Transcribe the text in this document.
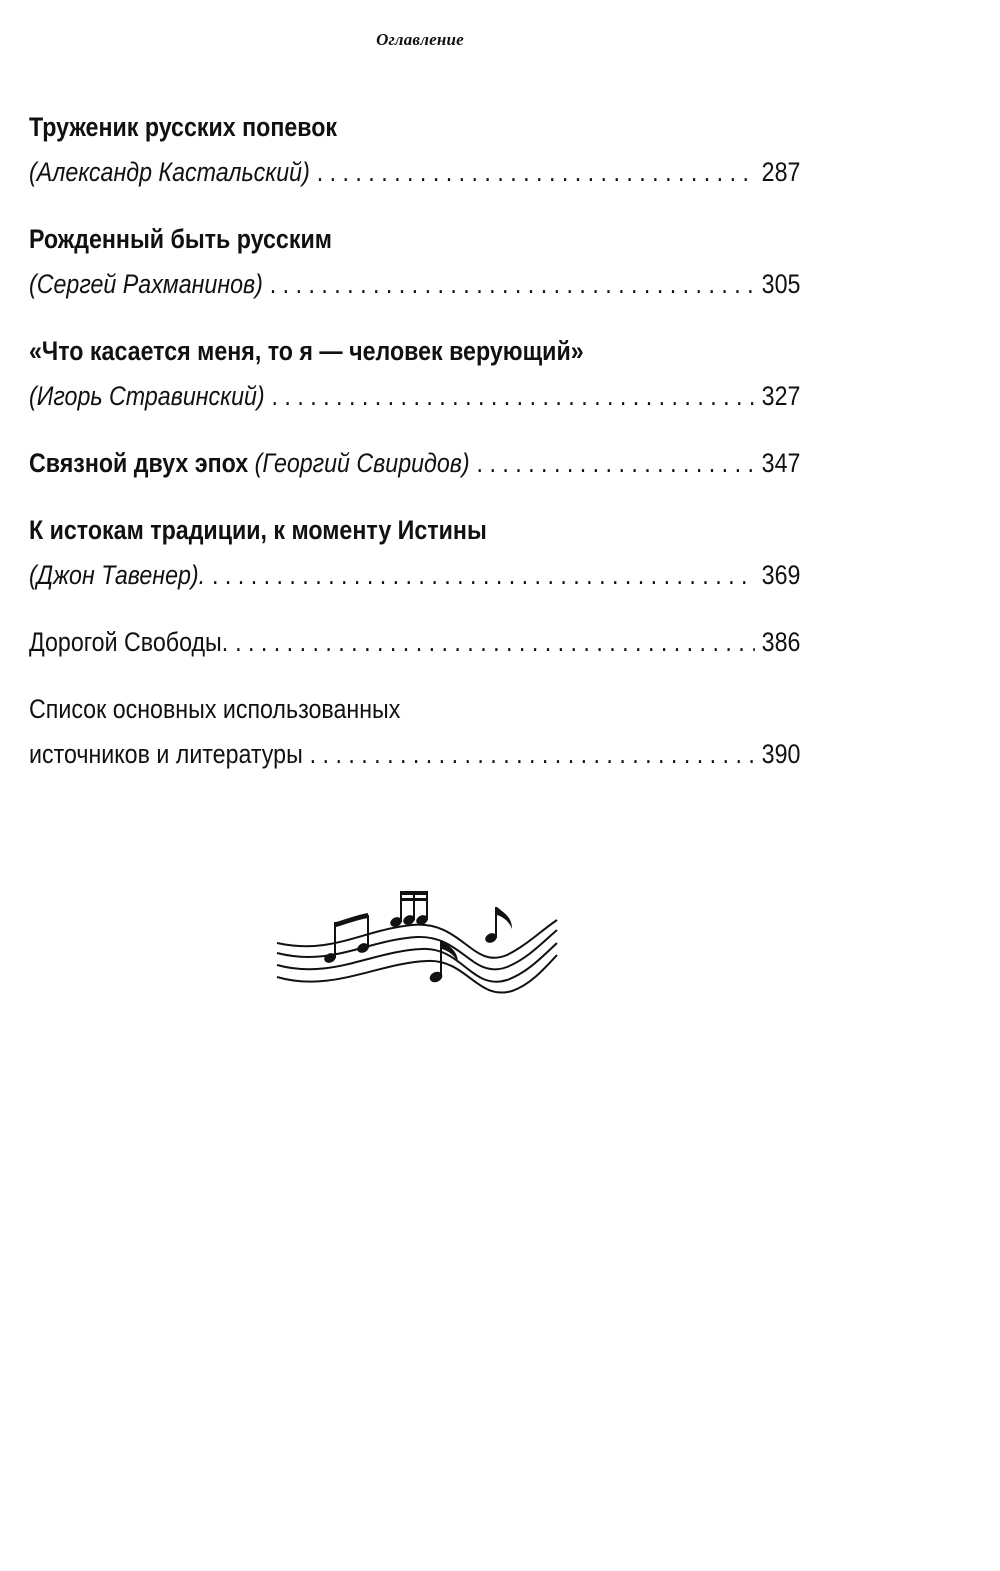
Оглавление
Труженик русских попевок
(Александр Кастальский) . . .	287
Рожденный быть русским
(Сергей Рахманинов) . . .	305
«Что касается меня, то я — человек верующий»
(Игорь Стравинский) . . .	327
Связной двух эпох
(Георгий Свиридов) . . .	347
К истокам традиции, к моменту Истины
(Джон Тавенер). . . .	369
Дорогой Свободы. . . .	386
Список основных использованных
источников и литературы . . .	390
